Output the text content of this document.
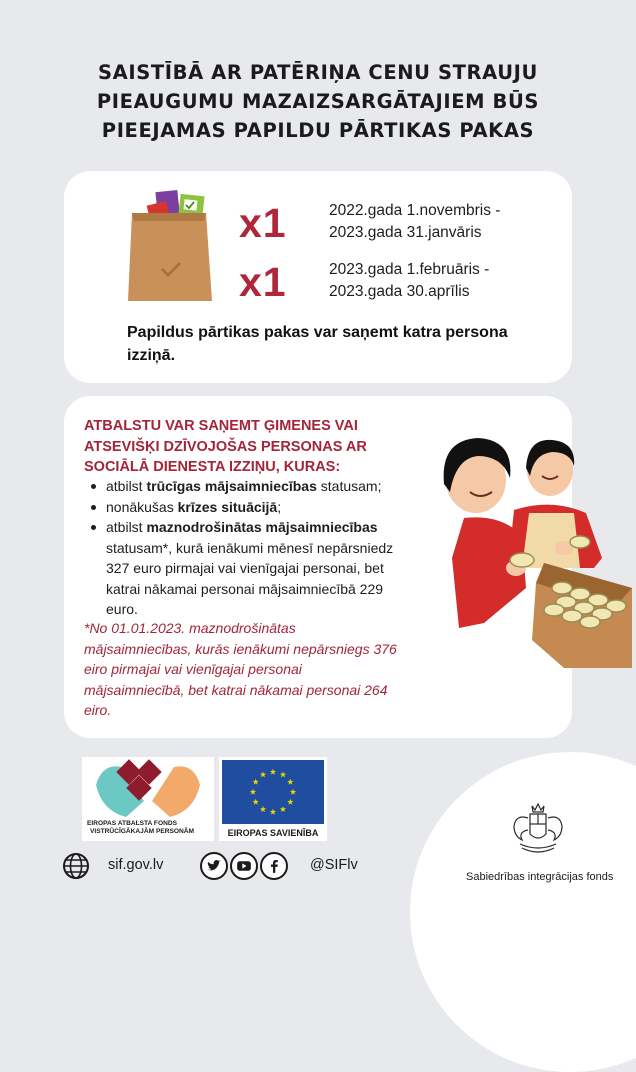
SAISTĪBĀ AR PATĒRIŅA CENU STRAUJU
PIEAUGUMU MAZAIZSARGĀTAJIEM BŪS
PIEEJAMAS PAPILDU PĀRTIKAS PAKAS
x1	2022.gada 1.novembris -
2023.gada 31.janvāris
x1	2023.gada 1.februāris -
2023.gada 30.aprīlis
Papildus pārtikas pakas var saņemt katra persona
izziņā.
ATBALSTU VAR SAŅEMT ĢIMENES VAI
ATSEVIŠĶI DZĪVOJOŠAS PERSONAS AR
SOCIĀLĀ DIENESTA IZZIŅU, KURAS:
atbilst trūcīgas mājsaimniecības statusam;
nonākušas krīzes situācijā;
atbilst maznodrošinātas mājsaimniecības
statusam*, kurā ienākumi mēnesī nepārsniedz
327 euro pirmajai vai vienīgajai personai, bet
katrai nākamai personai mājsaimniecībā 229
euro.
*No 01.01.2023. maznodrošinātas
mājsaimniecības, kurās ienākumi nepārsniegs 376
eiro pirmajai vai vienīgajai personai
mājsaimniecībā, bet katrai nākamai personai 264
eiro.
EIROPAS ATBALSTA FONDS
VISTRŪCĪGĀKAJĀM PERSONĀM	EIROPAS SAVIENĪBA
sif.gov.lv	@SIFlv
Sabiedrības integrācijas fonds
